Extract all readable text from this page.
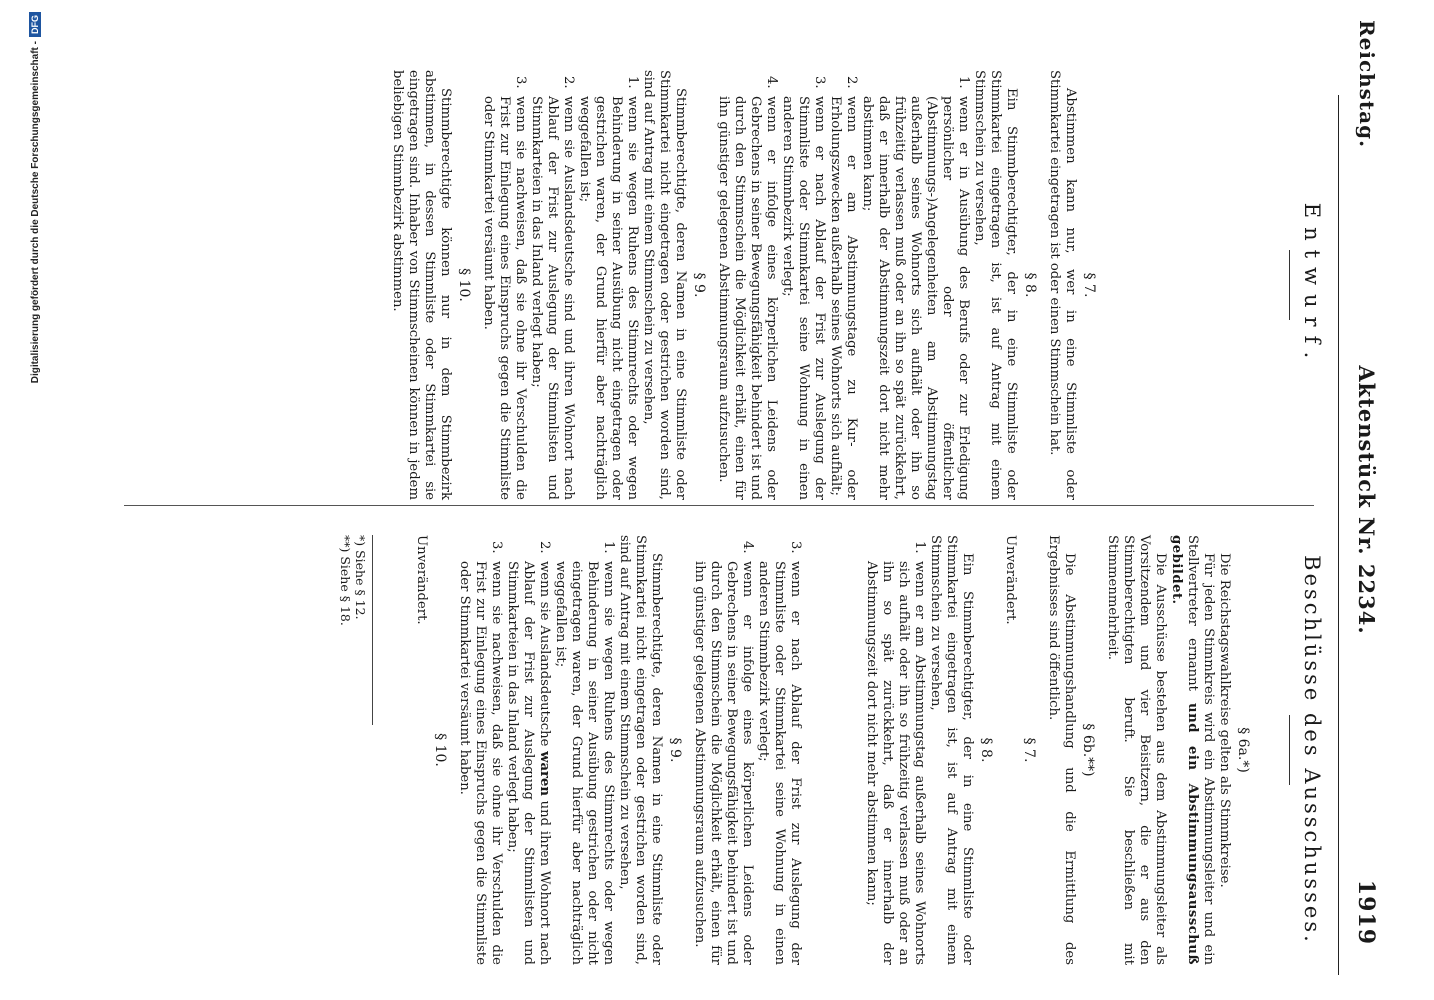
Reichstag.
Aktenstück Nr. 2234.
1919
Entwurf.
§ 7.

Abstimmen kann nur, wer in eine Stimmliste oder Stimmkartei eingetragen ist oder einen Stimmschein hat.

§ 8.

Ein Stimmberechtigter, der in eine Stimmliste oder Stimmkartei eingetragen ist, ist auf Antrag mit einem Stimmschein zu versehen,

1.
wenn er in Ausübung des Berufs oder zur Erledigung persönlicher oder öffentlicher (Abstimmungs-)Angelegenheiten am Abstimmungstag außerhalb seines Wohnorts sich aufhält oder ihn so frühzeitig verlassen muß oder an ihn so spät zurückkehrt, daß er innerhalb der Abstimmungszeit dort nicht mehr abstimmen kann;
2.
wenn er am Abstimmungstage zu Kur- oder Erholungszwecken außerhalb seines Wohnorts sich aufhält;
3.
wenn er nach Ablauf der Frist zur Auslegung der Stimmliste oder Stimmkartei seine Wohnung in einen anderen Stimmbezirk verlegt;
4.
wenn er infolge eines körperlichen Leidens oder Gebrechens in seiner Bewegungsfähigkeit behindert ist und durch den Stimmschein die Möglichkeit erhält, einen für ihn günstiger gelegenen Abstimmungsraum aufzusuchen.
§ 9.

Stimmberechtigte, deren Namen in eine Stimmliste oder Stimmkartei nicht eingetragen oder gestrichen worden sind, sind auf Antrag mit einem Stimmschein zu versehen,

1.
wenn sie wegen Ruhens des Stimmrechts oder wegen Behinderung in seiner Ausübung nicht eingetragen oder gestrichen waren, der Grund hierfür aber nachträglich weggefallen ist;
2.
wenn sie Auslandsdeutsche sind und ihren Wohnort nach Ablauf der Frist zur Auslegung der Stimmlisten und Stimmkarteien in das Inland verlegt haben;
3.
wenn sie nachweisen, daß sie ohne ihr Verschulden die Frist zur Einlegung eines Einspruchs gegen die Stimmliste oder Stimmkartei versäumt haben.
§ 10.

Stimmberechtigte können nur in dem Stimmbezirk abstimmen, in dessen Stimmliste oder Stimmkartei sie eingetragen sind. Inhaber von Stimmscheinen können in jedem beliebigen Stimmbezirk abstimmen.

Beschlüsse des Ausschusses.
§ 6a.*)

Die Reichstagswahlkreise gelten als Stimmkreise.

Für jeden Stimmkreis wird ein Abstimmungsleiter und ein Stellvertreter ernannt und ein Abstimmungsausschuß gebildet.

Die Ausschüsse bestehen aus dem Abstimmungsleiter als Vorsitzendem und vier Beisitzern, die er aus den Stimmberechtigten beruft. Sie beschließen mit Stimmenmehrheit.

§ 6b.**)

Die Abstimmungshandlung und die Ermittlung des Ergebnisses sind öffentlich.

§ 7.

Unverändert.

§ 8.

Ein Stimmberechtigter, der in eine Stimmliste oder Stimmkartei eingetragen ist, ist auf Antrag mit einem Stimmschein zu versehen,

1.
wenn er am Abstimmungstag außerhalb seines Wohnorts sich aufhält oder ihn so frühzeitig verlassen muß oder an ihn so spät zurückkehrt, daß er innerhalb der Abstimmungszeit dort nicht mehr abstimmen kann;
3.
wenn er nach Ablauf der Frist zur Auslegung der Stimmliste oder Stimmkartei seine Wohnung in einen anderen Stimmbezirk verlegt;
4.
wenn er infolge eines körperlichen Leidens oder Gebrechens in seiner Bewegungsfähigkeit behindert ist und durch den Stimmschein die Möglichkeit erhält, einen für ihn günstiger gelegenen Abstimmungsraum aufzusuchen.
§ 9.

Stimmberechtigte, deren Namen in eine Stimmliste oder Stimmkartei nicht eingetragen oder gestrichen worden sind, sind auf Antrag mit einem Stimmschein zu versehen,

1.
wenn sie wegen Ruhens des Stimmrechts oder wegen Behinderung in seiner Ausübung gestrichen oder nicht eingetragen waren, der Grund hierfür aber nachträglich weggefallen ist;
2.
wenn sie Auslandsdeutsche waren und ihren Wohnort nach Ablauf der Frist zur Auslegung der Stimmlisten und Stimmkarteien in das Inland verlegt haben;
3.
wenn sie nachweisen, daß sie ohne ihr Verschulden die Frist zur Einlegung eines Einspruchs gegen die Stimmliste oder Stimmkartei versäumt haben.
§ 10.

Unverändert.

*) Siehe § 12.
**) Siehe § 18.
Digitalisierung gefördert durch die Deutsche Forschungsgemeinschaft -DFG
